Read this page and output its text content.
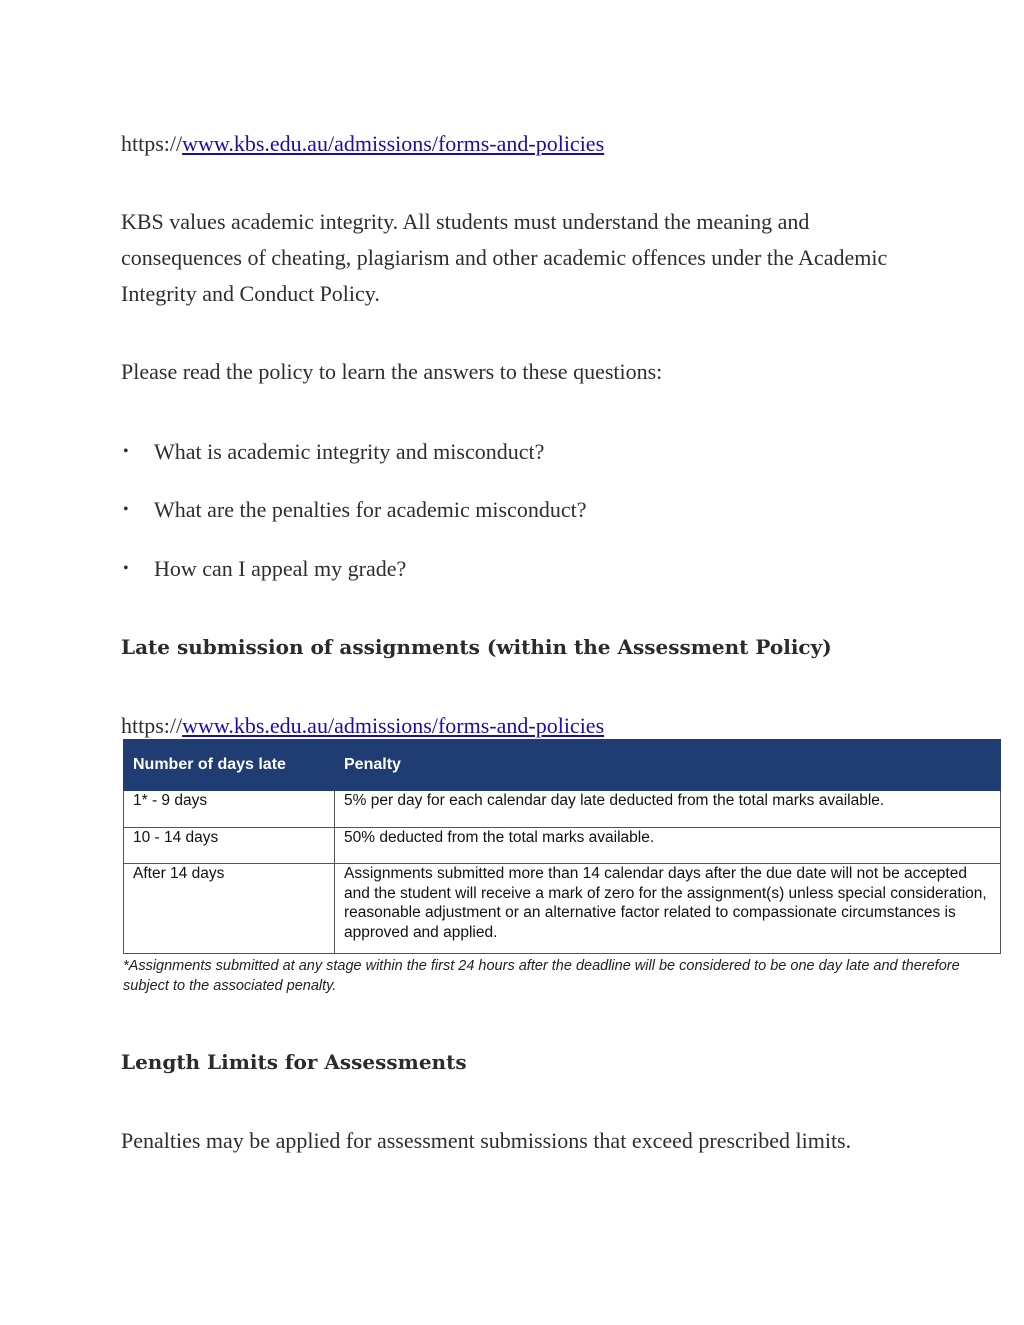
https://www.kbs.edu.au/admissions/forms-and-policies

KBS values academic integrity. All students must understand the meaning and consequences of cheating, plagiarism and other academic offences under the Academic Integrity and Conduct Policy.

Please read the policy to learn the answers to these questions:

• What is academic integrity and misconduct?
• What are the penalties for academic misconduct?
• How can I appeal my grade?
Late submission of assignments (within the Assessment Policy)

https://www.kbs.edu.au/admissions/forms-and-policies

Number of days late	Penalty
1* - 9 days	5% per day for each calendar day late deducted from the total marks available.
10 - 14 days	50% deducted from the total marks available.
After 14 days	Assignments submitted more than 14 calendar days after the due date will not be accepted and the student will receive a mark of zero for the assignment(s) unless special consideration, reasonable adjustment or an alternative factor related to compassionate circumstances is approved and applied.
*Assignments submitted at any stage within the first 24 hours after the deadline will be considered to be one day late and therefore subject to the associated penalty.
Length Limits for Assessments

Penalties may be applied for assessment submissions that exceed prescribed limits.
